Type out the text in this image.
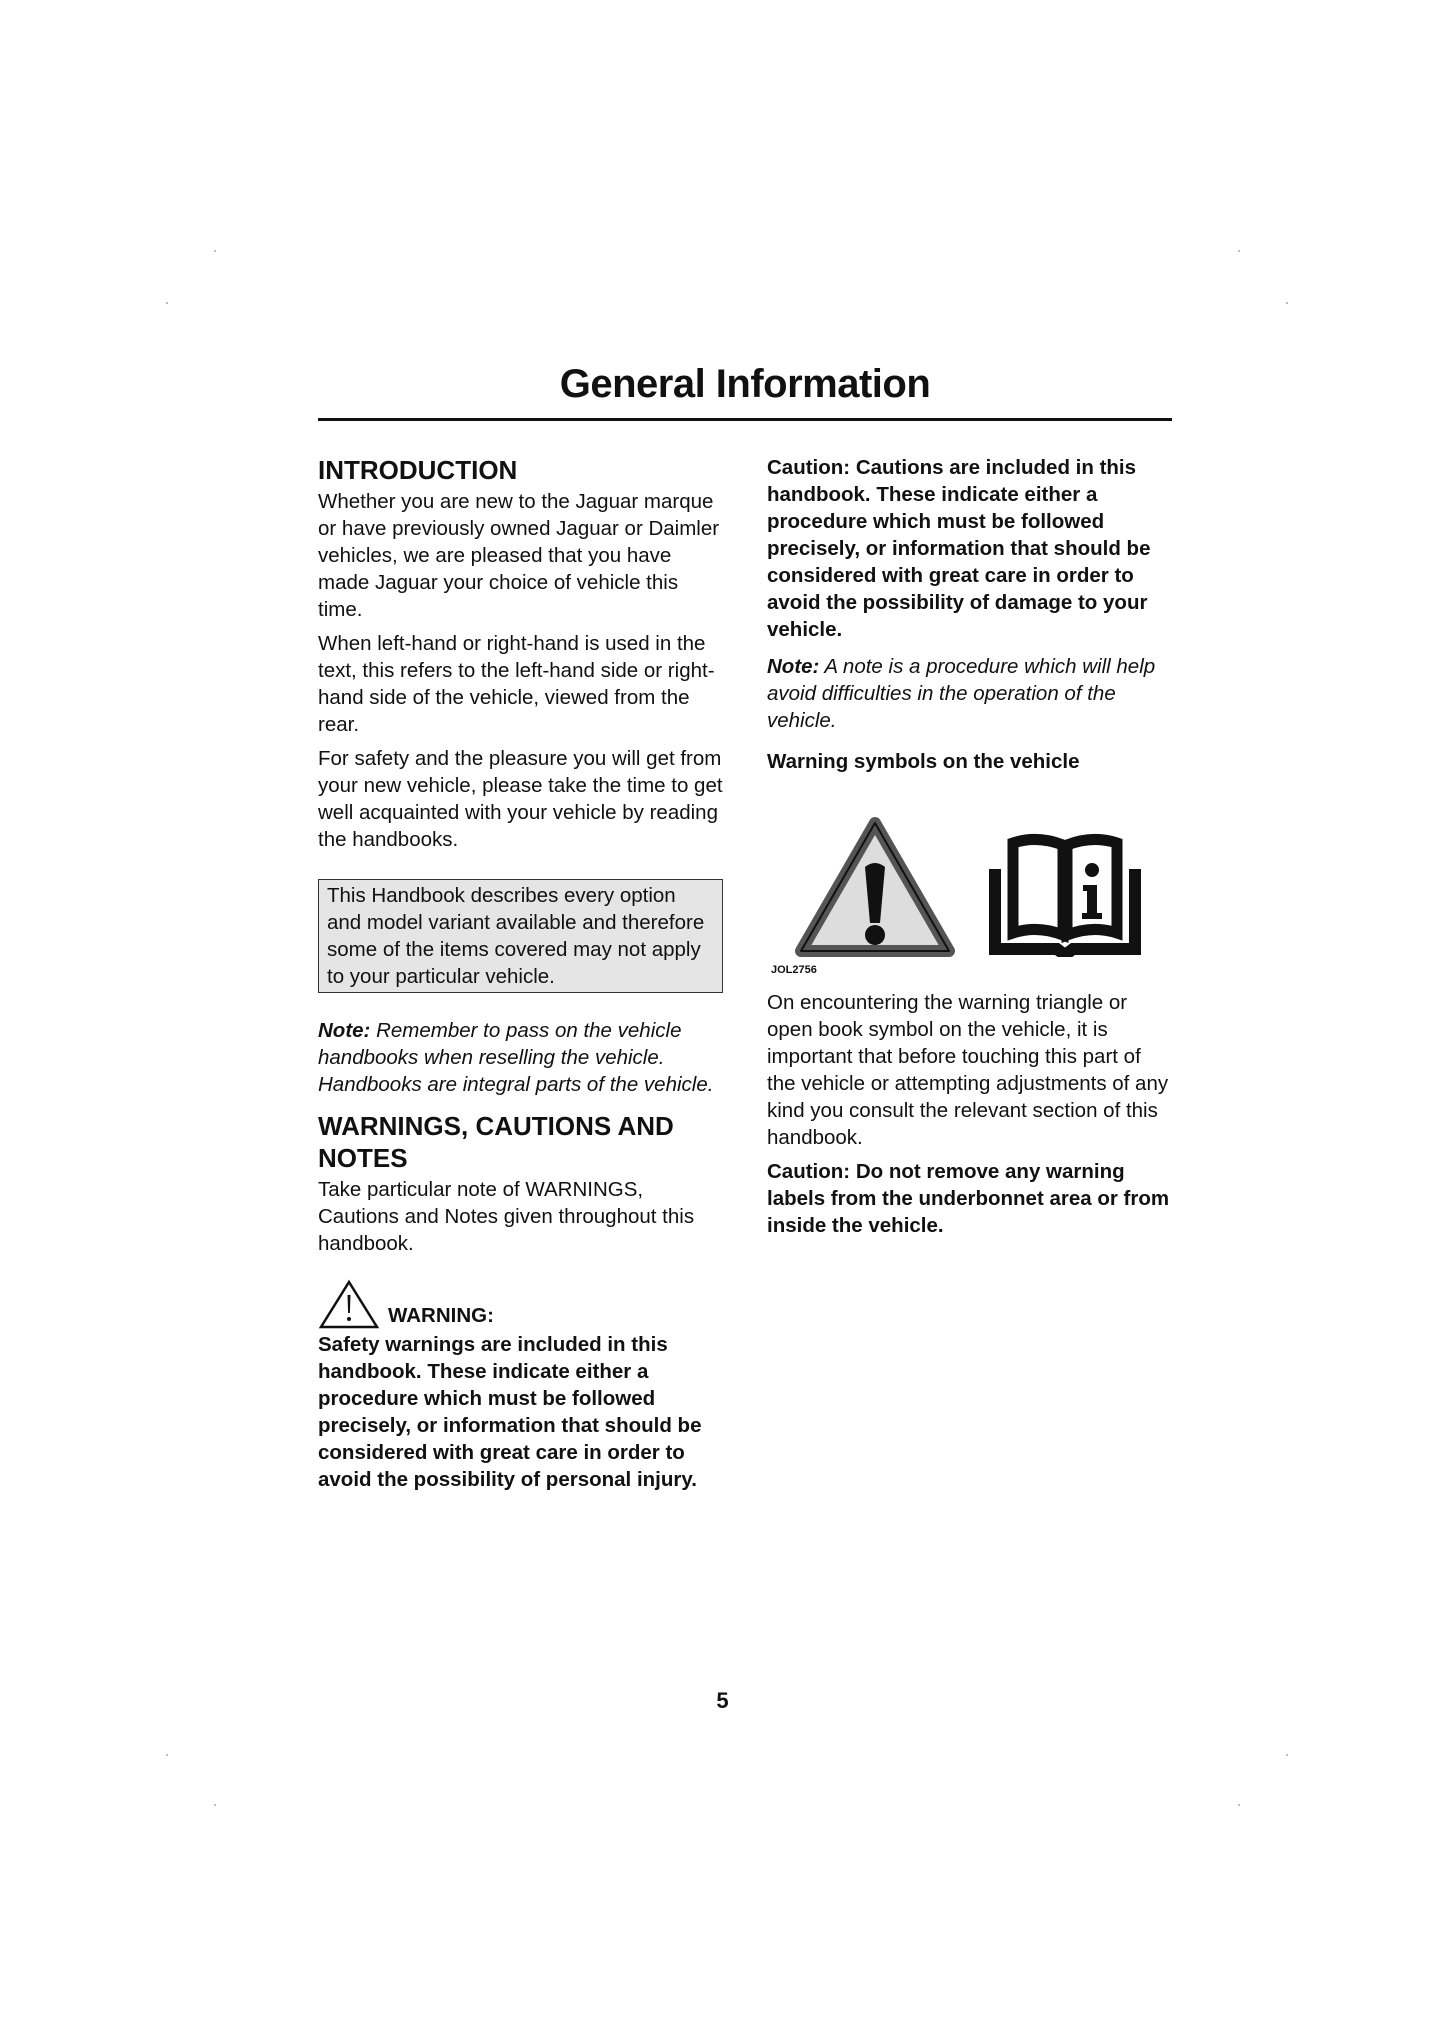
General Information
INTRODUCTION

Whether you are new to the Jaguar marque or have previously owned Jaguar or Daimler vehicles, we are pleased that you have made Jaguar your choice of vehicle this time.

When left-hand or right-hand is used in the text, this refers to the left-hand side or right-hand side of the vehicle, viewed from the rear.

For safety and the pleasure you will get from your new vehicle, please take the time to get well acquainted with your vehicle by reading the handbooks.

This Handbook describes every option and model variant available and therefore some of the items covered may not apply to your particular vehicle.

Note: Remember to pass on the vehicle handbooks when reselling the vehicle. Handbooks are integral parts of the vehicle.

WARNINGS, CAUTIONS AND NOTES

Take particular note of WARNINGS, Cautions and Notes given throughout this handbook.

WARNING:

Safety warnings are included in this handbook. These indicate either a procedure which must be followed precisely, or information that should be considered with great care in order to avoid the possibility of personal injury.

Caution: Cautions are included in this handbook. These indicate either a procedure which must be followed precisely, or information that should be considered with great care in order to avoid the possibility of damage to your vehicle.

Note: A note is a procedure which will help avoid difficulties in the operation of the vehicle.

Warning symbols on the vehicle

JOL2756

On encountering the warning triangle or open book symbol on the vehicle, it is important that before touching this part of the vehicle or attempting adjustments of any kind you consult the relevant section of this handbook.

Caution: Do not remove any warning labels from the underbonnet area or from inside the vehicle.

5
